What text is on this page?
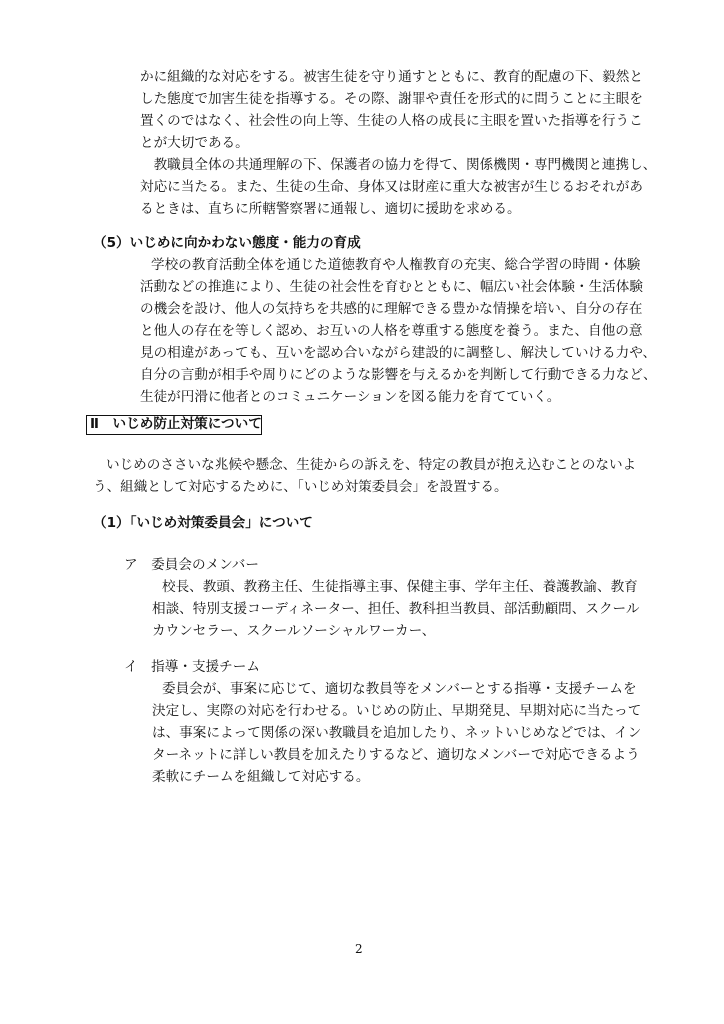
かに組織的な対応をする。被害生徒を守り通すとともに、教育的配慮の下、毅然と
した態度で加害生徒を指導する。その際、謝罪や責任を形式的に問うことに主眼を
置くのではなく、社会性の向上等、生徒の人格の成長に主眼を置いた指導を行うこ
とが大切である。
　教職員全体の共通理解の下、保護者の協力を得て、関係機関・専門機関と連携し、
対応に当たる。また、生徒の生命、身体又は財産に重大な被害が生じるおそれがあ
るときは、直ちに所轄警察署に通報し、適切に援助を求める。
（5）いじめに向かわない態度・能力の育成
学校の教育活動全体を通じた道徳教育や人権教育の充実、総合学習の時間・体験
活動などの推進により、生徒の社会性を育むとともに、幅広い社会体験・生活体験
の機会を設け、他人の気持ちを共感的に理解できる豊かな情操を培い、自分の存在
と他人の存在を等しく認め、お互いの人格を尊重する態度を養う。また、自他の意
見の相違があっても、互いを認め合いながら建設的に調整し、解決していける力や、
自分の言動が相手や周りにどのような影響を与えるかを判断して行動できる力など、
生徒が円滑に他者とのコミュニケーションを図る能力を育てていく。
Ⅱ　いじめ防止対策について
いじめのささいな兆候や懸念、生徒からの訴えを、特定の教員が抱え込むことのないよ
う、組織として対応するために、「いじめ対策委員会」を設置する。
（1）「いじめ対策委員会」について
ア　委員会のメンバー
校長、教頭、教務主任、生徒指導主事、保健主事、学年主任、養護教諭、教育
相談、特別支援コーディネーター、担任、教科担当教員、部活動顧問、スクール
カウンセラー、スクールソーシャルワーカー、
イ　指導・支援チーム
委員会が、事案に応じて、適切な教員等をメンバーとする指導・支援チームを
決定し、実際の対応を行わせる。いじめの防止、早期発見、早期対応に当たって
は、事案によって関係の深い教職員を追加したり、ネットいじめなどでは、イン
ターネットに詳しい教員を加えたりするなど、適切なメンバーで対応できるよう
柔軟にチームを組織して対応する。
2
